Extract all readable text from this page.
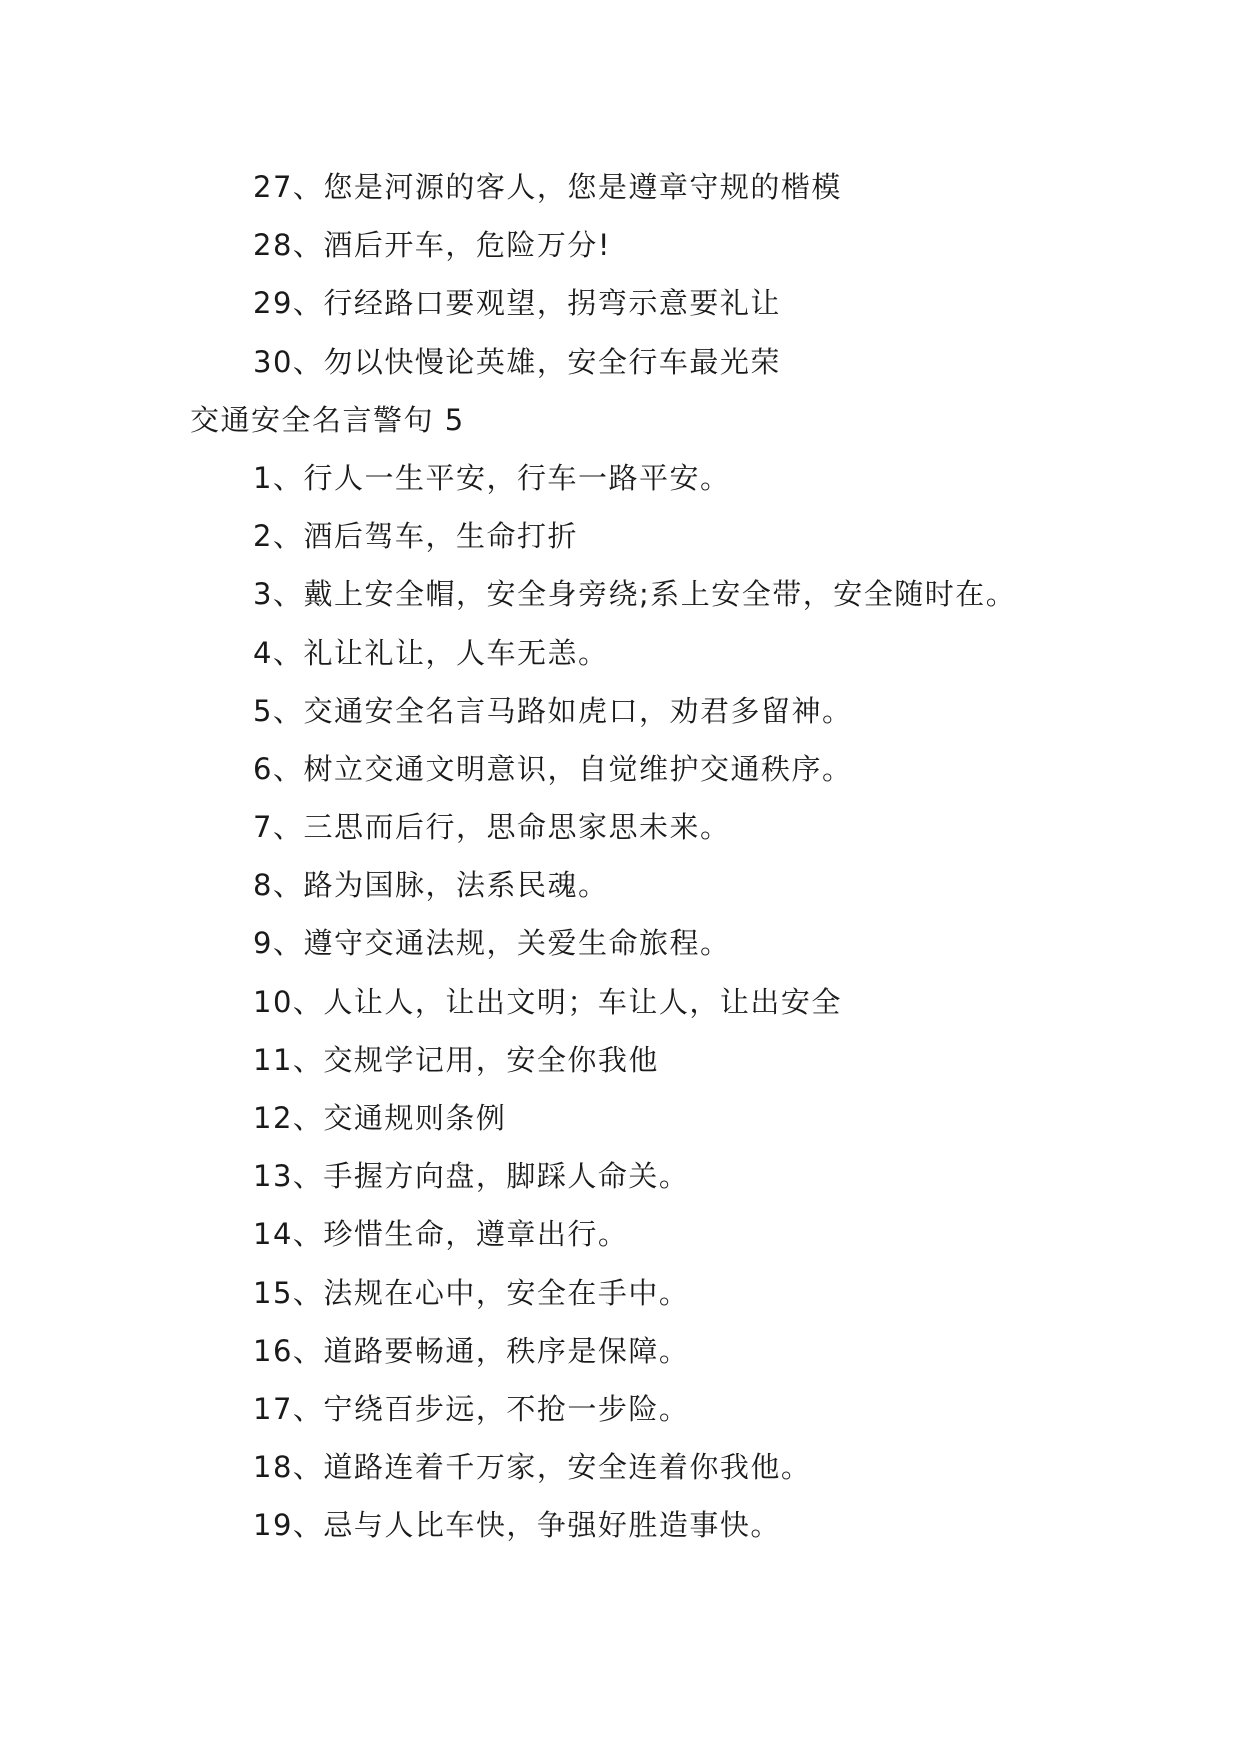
27、您是河源的客人，您是遵章守规的楷模
28、酒后开车，危险万分!
29、行经路口要观望，拐弯示意要礼让
30、勿以快慢论英雄，安全行车最光荣
交通安全名言警句 5
1、行人一生平安，行车一路平安。
2、酒后驾车，生命打折
3、戴上安全帽，安全身旁绕;系上安全带，安全随时在。
4、礼让礼让，人车无恙。
5、交通安全名言马路如虎口，劝君多留神。
6、树立交通文明意识，自觉维护交通秩序。
7、三思而后行，思命思家思未来。
8、路为国脉，法系民魂。
9、遵守交通法规，关爱生命旅程。
10、人让人，让出文明；车让人，让出安全
11、交规学记用，安全你我他
12、交通规则条例
13、手握方向盘，脚踩人命关。
14、珍惜生命，遵章出行。
15、法规在心中，安全在手中。
16、道路要畅通，秩序是保障。
17、宁绕百步远，不抢一步险。
18、道路连着千万家，安全连着你我他。
19、忌与人比车快，争强好胜造事快。
